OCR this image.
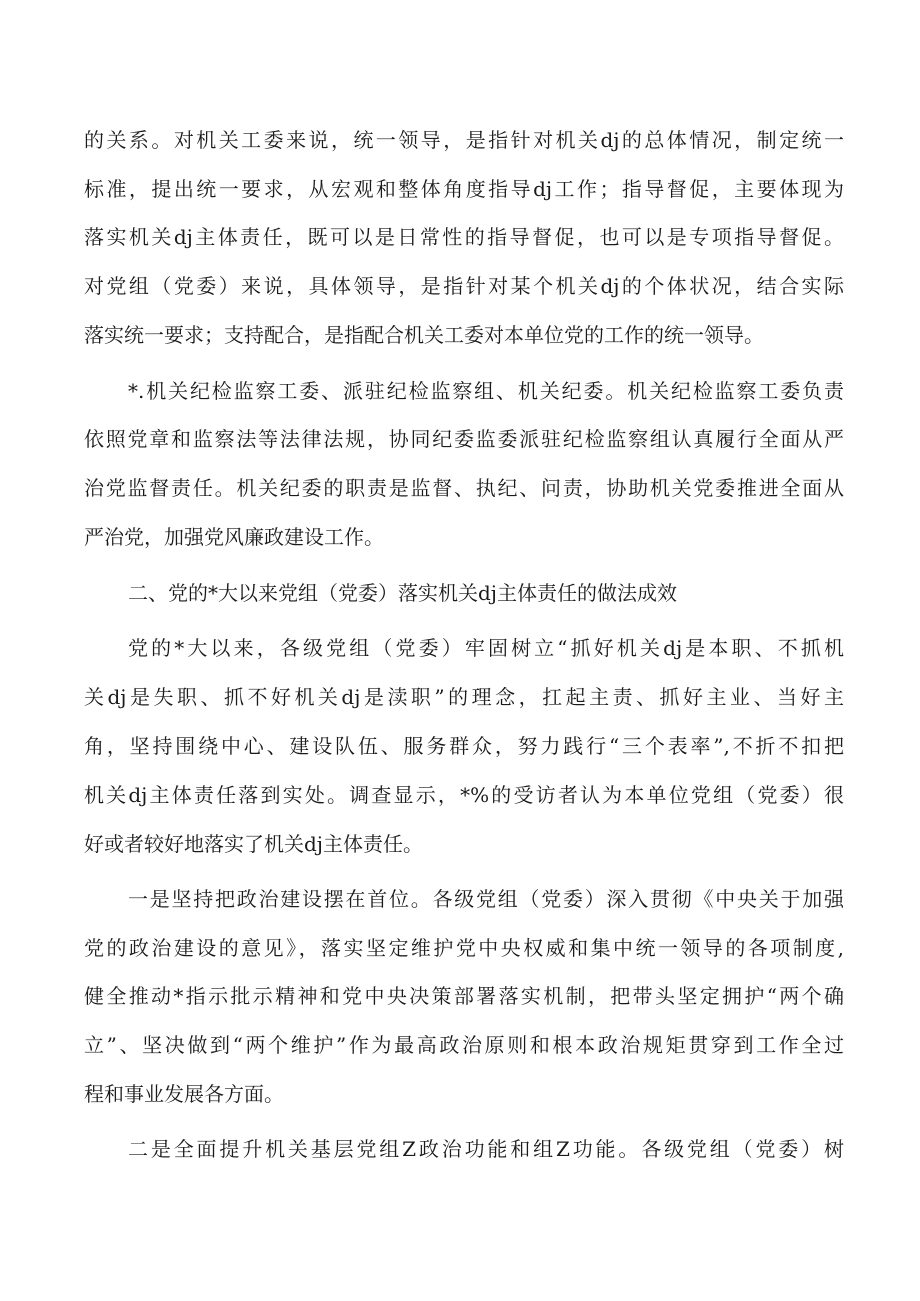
的关系。对机关工委来说，统一领导，是指针对机关dj的总体情况，制定统一
标准，提出统一要求，从宏观和整体角度指导dj工作；指导督促，主要体现为
落实机关dj主体责任，既可以是日常性的指导督促，也可以是专项指导督促。
对党组（党委）来说，具体领导，是指针对某个机关dj的个体状况，结合实际
落实统一要求；支持配合，是指配合机关工委对本单位党的工作的统一领导。
*.机关纪检监察工委、派驻纪检监察组、机关纪委。机关纪检监察工委负责
依照党章和监察法等法律法规，协同纪委监委派驻纪检监察组认真履行全面从严
治党监督责任。机关纪委的职责是监督、执纪、问责，协助机关党委推进全面从
严治党，加强党风廉政建设工作。
二、党的*大以来党组（党委）落实机关dj主体责任的做法成效
党的*大以来，各级党组（党委）牢固树立“抓好机关dj是本职、不抓机
关dj是失职、抓不好机关dj是渎职”的理念，扛起主责、抓好主业、当好主
角，坚持围绕中心、建设队伍、服务群众，努力践行“三个表率”,不折不扣把
机关dj主体责任落到实处。调查显示，*%的受访者认为本单位党组（党委）很
好或者较好地落实了机关dj主体责任。
一是坚持把政治建设摆在首位。各级党组（党委）深入贯彻《中央关于加强
党的政治建设的意见》，落实坚定维护党中央权威和集中统一领导的各项制度,
健全推动*指示批示精神和党中央决策部署落实机制，把带头坚定拥护“两个确
立”、坚决做到“两个维护”作为最高政治原则和根本政治规矩贯穿到工作全过
程和事业发展各方面。
二是全面提升机关基层党组Z政治功能和组Z功能。各级党组（党委）树
